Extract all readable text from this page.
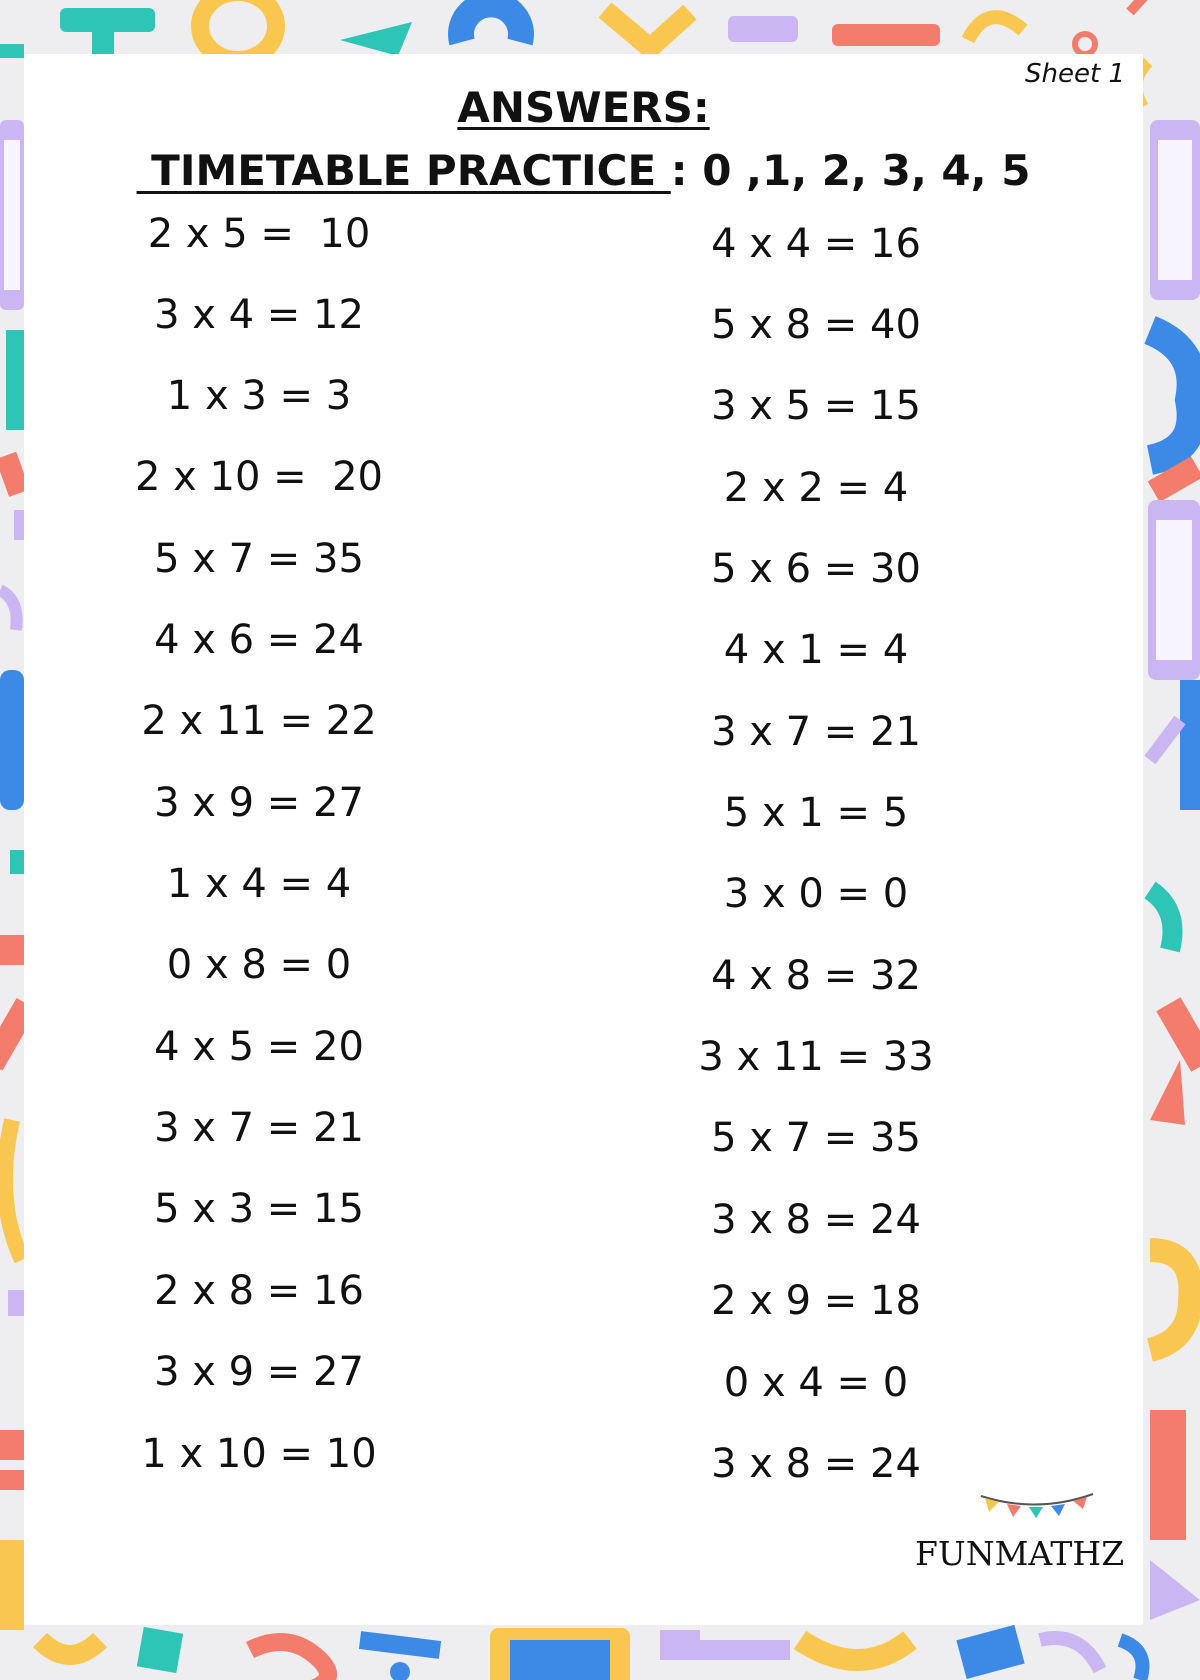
Sheet 1
ANSWERS:
TIMETABLE PRACTICE : 0 ,1, 2, 3, 4, 5
2 x 5 =  10
3 x 4 = 12
1 x 3 = 3
2 x 10 =  20
5 x 7 = 35
4 x 6 = 24
2 x 11 = 22
3 x 9 = 27
1 x 4 = 4
0 x 8 = 0
4 x 5 = 20
3 x 7 = 21
5 x 3 = 15
2 x 8 = 16
3 x 9 = 27
1 x 10 = 10
4 x 4 = 16
5 x 8 = 40
3 x 5 = 15
2 x 2 = 4
5 x 6 = 30
4 x 1 = 4
3 x 7 = 21
5 x 1 = 5
3 x 0 = 0
4 x 8 = 32
3 x 11 = 33
5 x 7 = 35
3 x 8 = 24
2 x 9 = 18
0 x 4 = 0
3 x 8 = 24
FUNMATHZ
